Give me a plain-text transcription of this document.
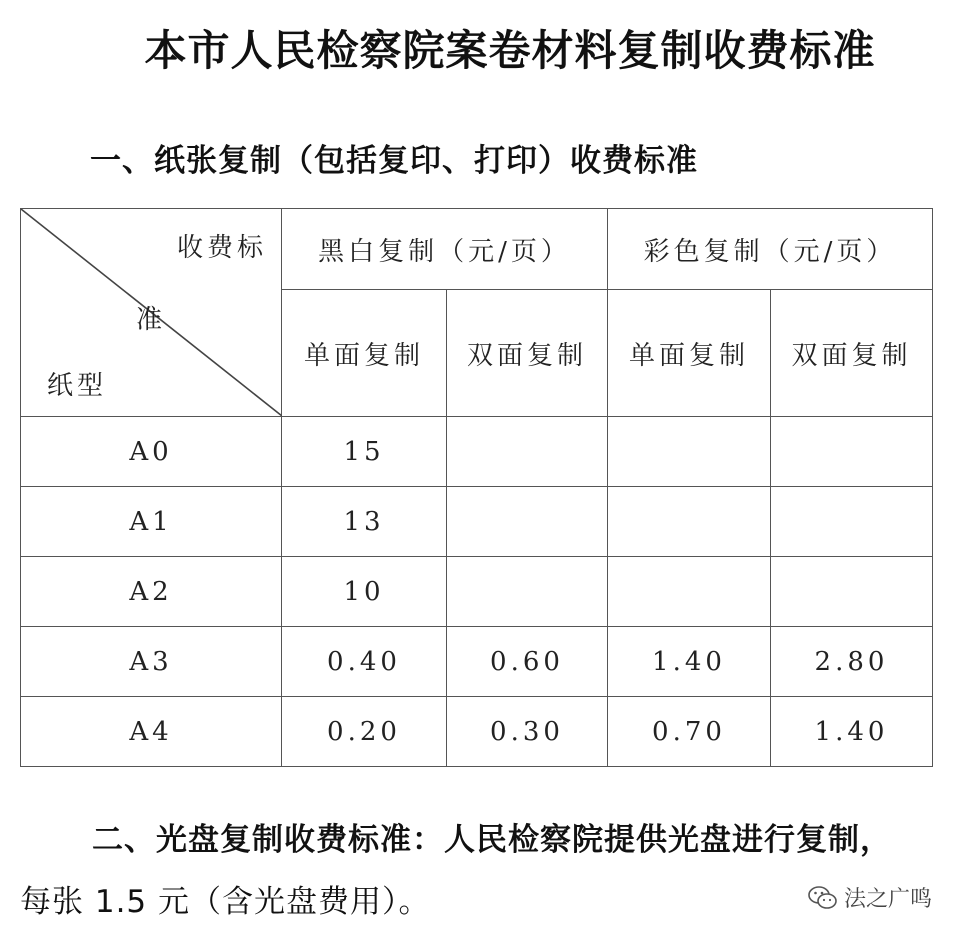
本市人民检察院案卷材料复制收费标准
一、纸张复制（包括复印、打印）收费标准
收费标
准
纸型	黑白复制（元/页）		彩色复制（元/页）	
	单面复制	双面复制	单面复制	双面复制
A0	15			
A1	13			
A2	10			
A3	0.40	0.60	1.40	2.80
A4	0.20	0.30	0.70	1.40
二、光盘复制收费标准：人民检察院提供光盘进行复制，
每张 1.5 元（含光盘费用）。	法之广鸣
